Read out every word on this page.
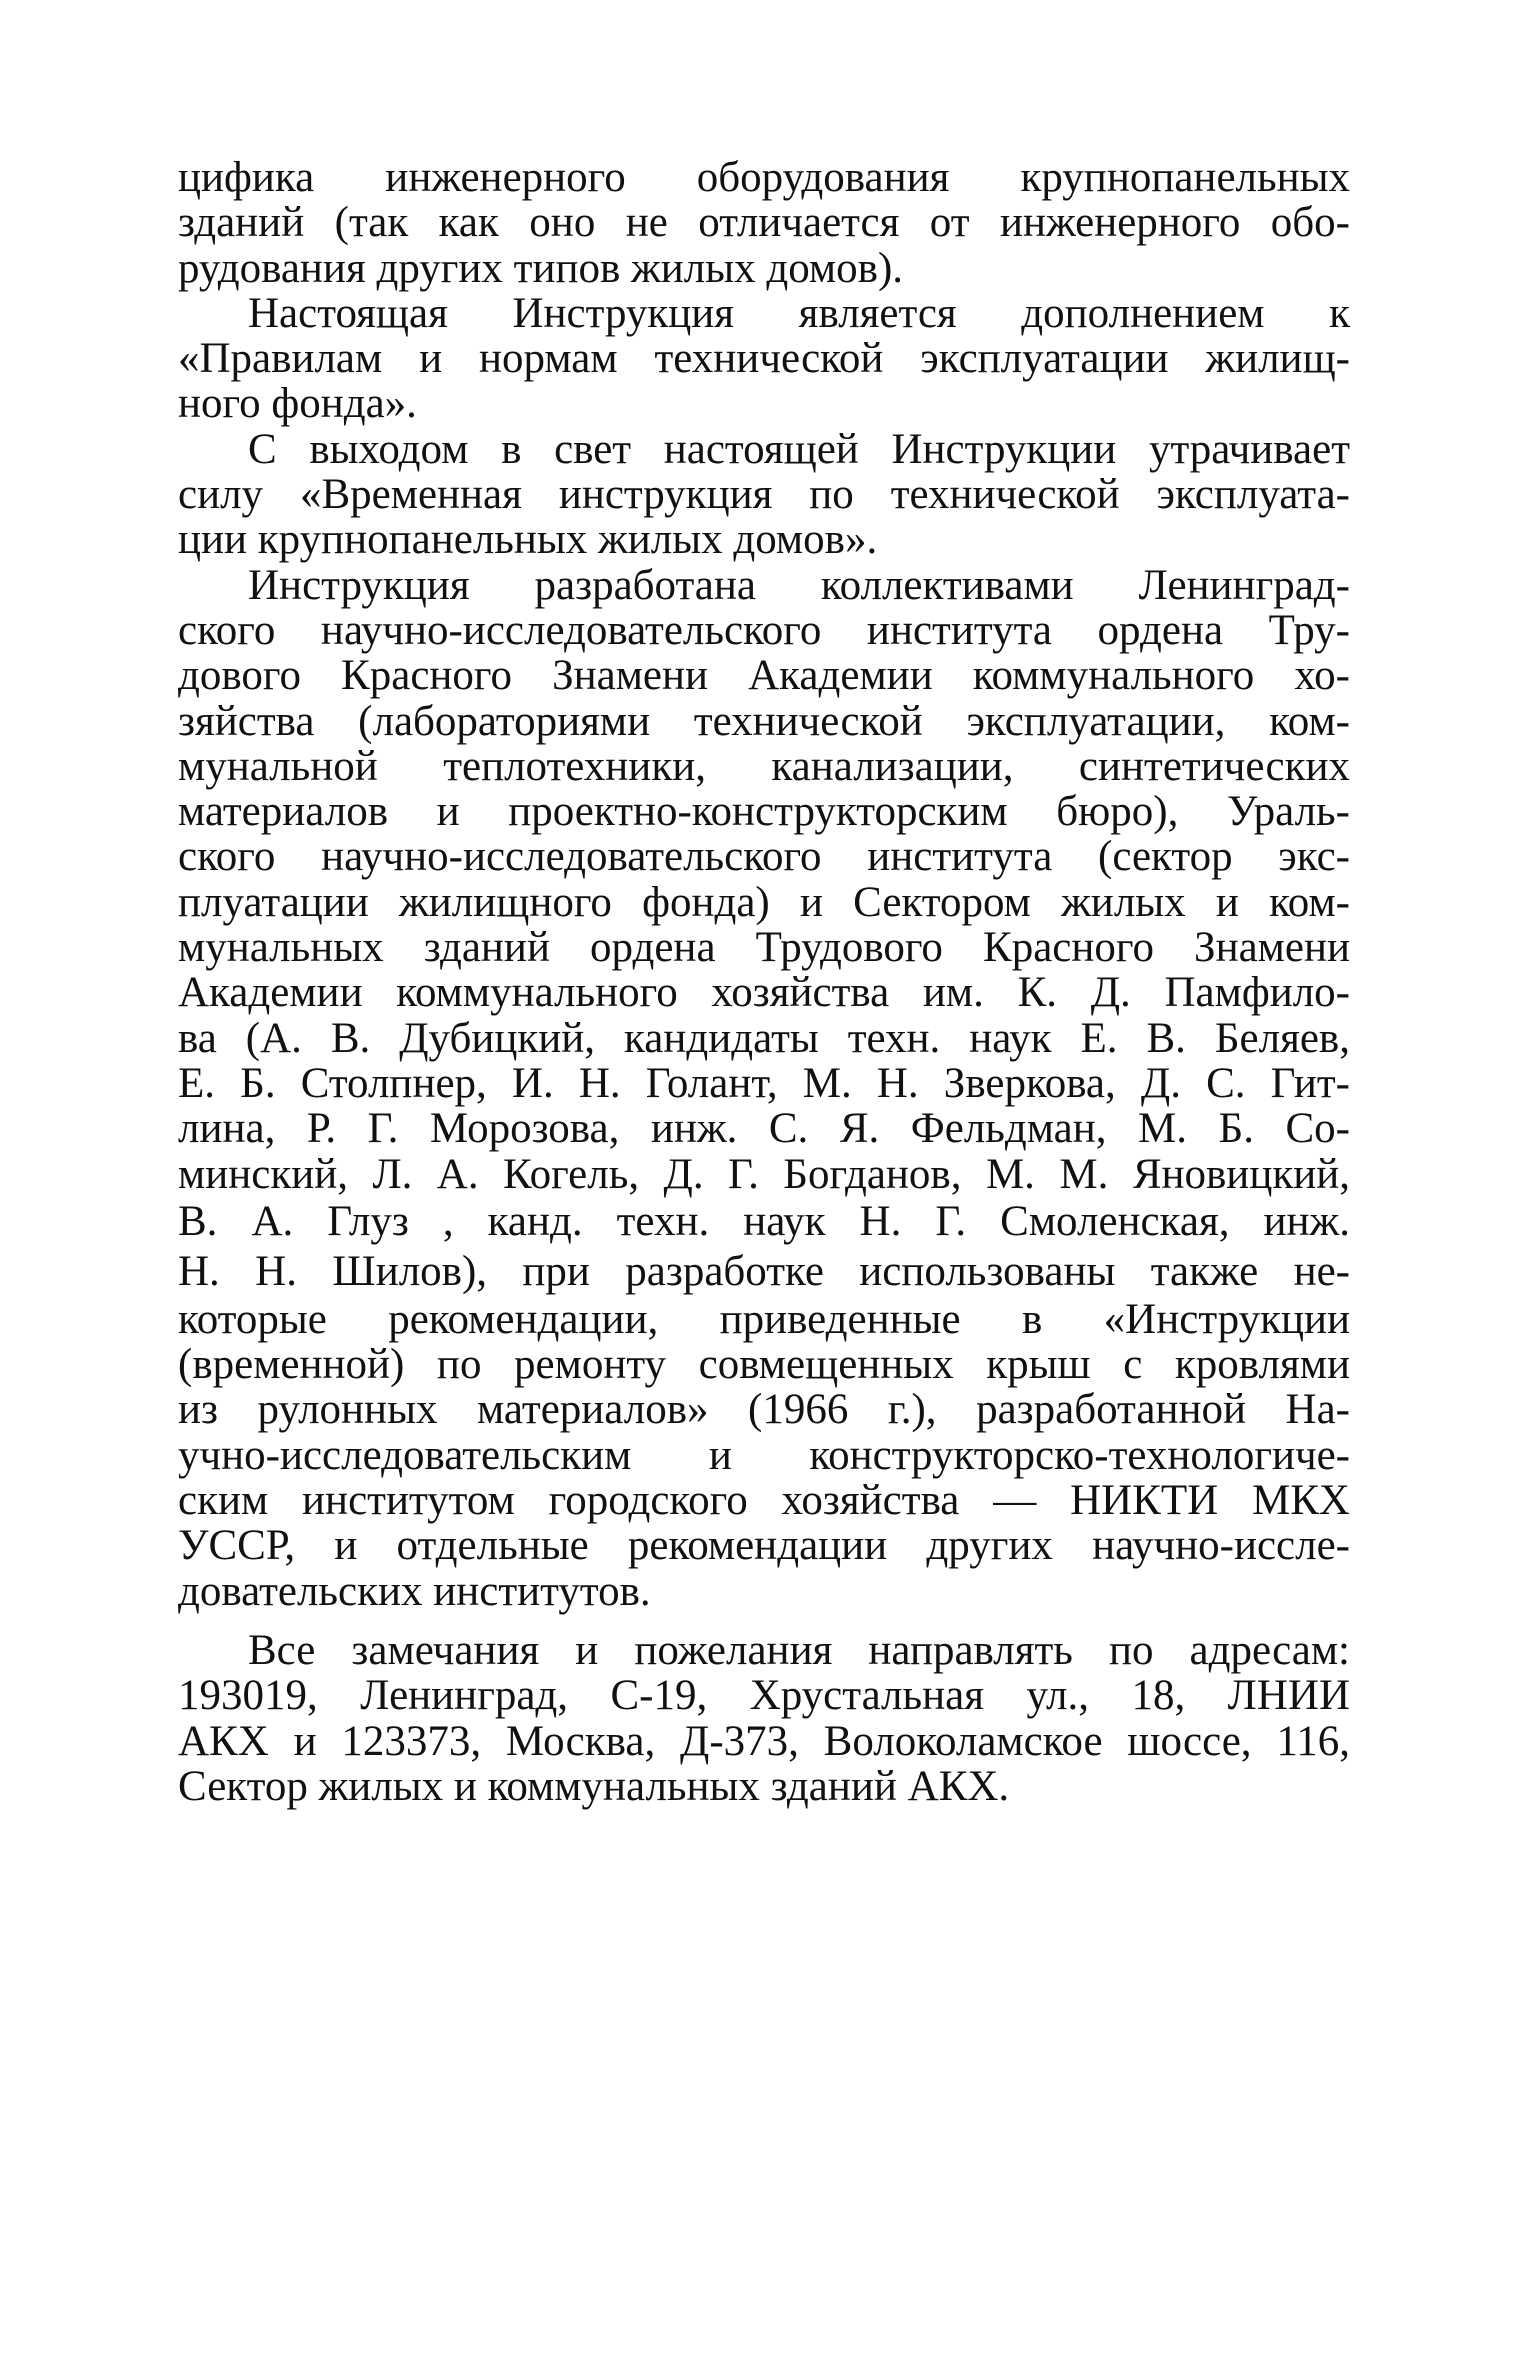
цифика инженерного оборудования крупнопанельных
зданий (так как оно не отличается от инженерного обо-
рудования других типов жилых домов).
Настоящая Инструкция является дополнением к
«Правилам и нормам технической эксплуатации жилищ-
ного фонда».
С выходом в свет настоящей Инструкции утрачивает
силу «Временная инструкция по технической эксплуата-
ции крупнопанельных жилых домов».
Инструкция разработана коллективами Ленинград-
ского научно-исследовательского института ордена Тру-
дового Красного Знамени Академии коммунального хо-
зяйства (лабораториями технической эксплуатации, ком-
мунальной теплотехники, канализации, синтетических
материалов и проектно-конструкторским бюро), Ураль-
ского научно-исследовательского института (сектор экс-
плуатации жилищного фонда) и Сектором жилых и ком-
мунальных зданий ордена Трудового Красного Знамени
Академии коммунального хозяйства им. К. Д. Памфило-
ва (А. В. Дубицкий, кандидаты техн. наук Е. В. Беляев,
Е. Б. Столпнер, И. Н. Голант, М. Н. Зверкова, Д. С. Гит-
лина, Р. Г. Морозова, инж. С. Я. Фельдман, М. Б. Со-
минский, Л. А. Когель, Д. Г. Богданов, М. М. Яновицкий,
В. А. Глуз , канд. техн. наук Н. Г. Смоленская, инж.
Н. Н. Шилов), при разработке использованы также не-
которые рекомендации, приведенные в «Инструкции
(временной) по ремонту совмещенных крыш с кровлями
из рулонных материалов» (1966 г.), разработанной На-
учно-исследовательским и конструкторско-технологиче-
ским институтом городского хозяйства — НИКТИ МКХ
УССР, и отдельные рекомендации других научно-иссле-
довательских институтов.
Все замечания и пожелания направлять по адресам:
193019, Ленинград, С-19, Хрустальная ул., 18, ЛНИИ
АКХ и 123373, Москва, Д-373, Волоколамское шоссе, 116,
Сектор жилых и коммунальных зданий АКХ.
